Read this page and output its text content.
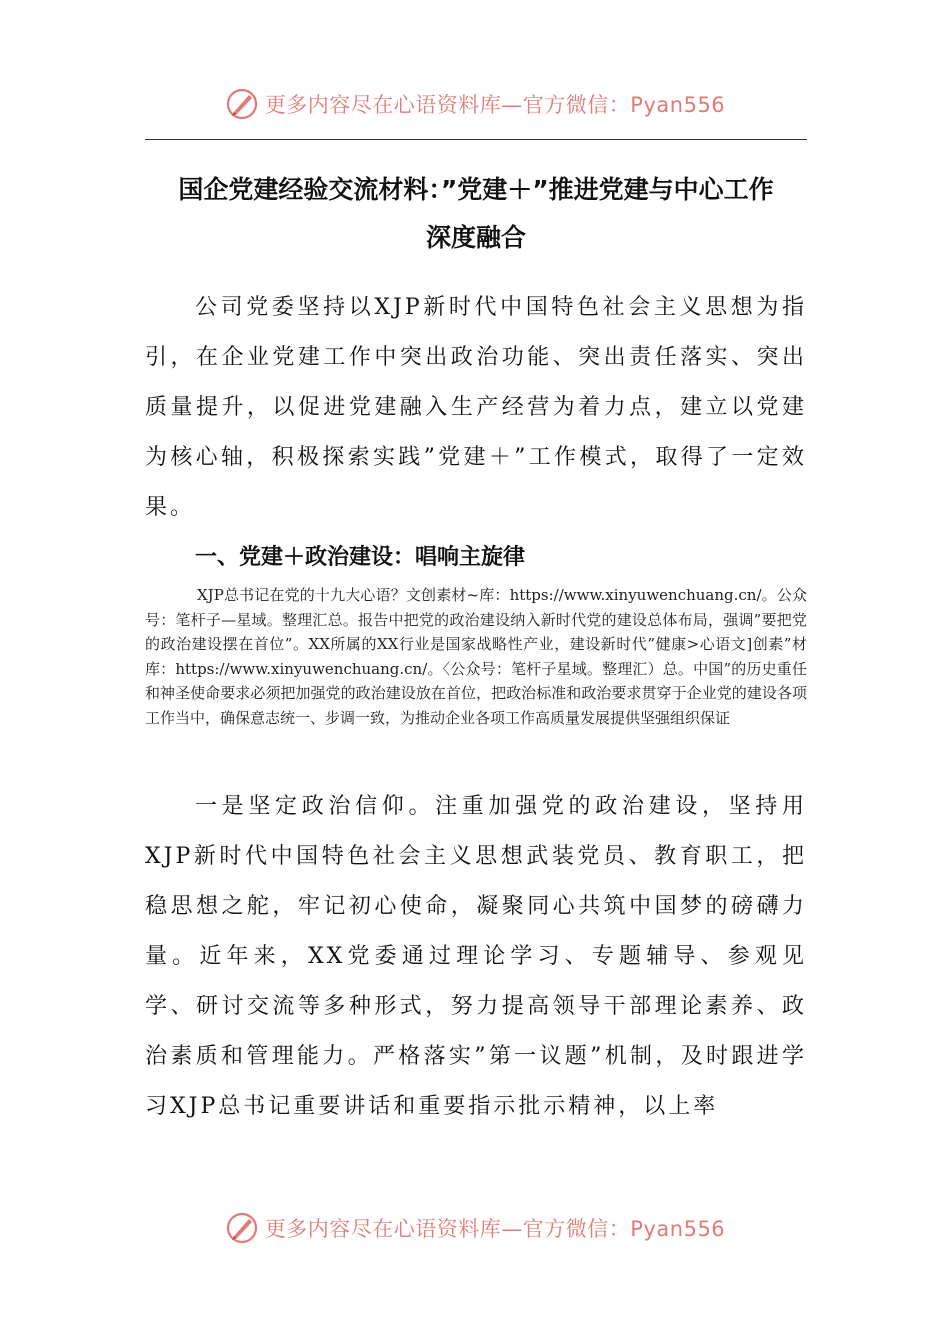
更多内容尽在心语资料库—官方微信：Pyan556
国企党建经验交流材料：”党建＋”推进党建与中心工作
深度融合

公司党委坚持以XJP新时代中国特色社会主义思想为指引，在企业党建工作中突出政治功能、突出责任落实、突出质量提升，以促进党建融入生产经营为着力点，建立以党建为核心轴，积极探索实践”党建＋”工作模式，取得了一定效果。

一、党建＋政治建设：唱响主旋律

XJP总书记在党的十九大心语？文创素材~库：https://www.xinyuwenchuang.cn/。公众号：笔杆子—星域。整理汇总。报告中把党的政治建设纳入新时代党的建设总体布局，强调”要把党的政治建设摆在首位”。XX所属的XX行业是国家战略性产业，建设新时代”健康>心语文]创素”材库：https://www.xinyuwenchuang.cn/。〈公众号：笔杆子星域。整理汇）总。中国”的历史重任和神圣使命要求必须把加强党的政治建设放在首位，把政治标准和政治要求贯穿于企业党的建设各项工作当中，确保意志统一、步调一致，为推动企业各项工作高质量发展提供坚强组织保证

一是坚定政治信仰。注重加强党的政治建设，坚持用XJP新时代中国特色社会主义思想武装党员、教育职工，把稳思想之舵，牢记初心使命，凝聚同心共筑中国梦的磅礴力量。近年来，XX党委通过理论学习、专题辅导、参观见学、研讨交流等多种形式，努力提高领导干部理论素养、政治素质和管理能力。严格落实”第一议题”机制，及时跟进学习XJP总书记重要讲话和重要指示批示精神，以上率

更多内容尽在心语资料库—官方微信：Pyan556
